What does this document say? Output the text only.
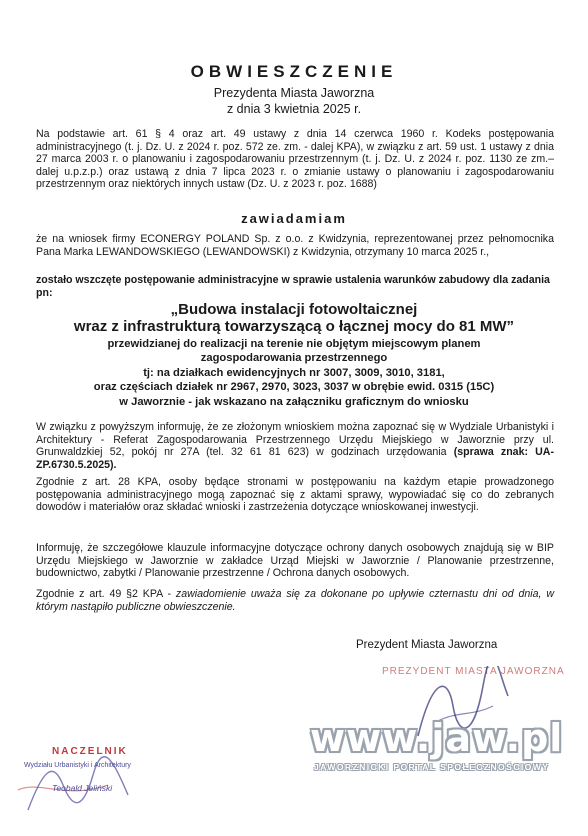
OBWIESZCZENIE
Prezydenta Miasta Jaworzna
z dnia 3 kwietnia 2025 r.
Na podstawie art. 61 § 4 oraz art. 49 ustawy z dnia 14 czerwca 1960 r. Kodeks postępowania administracyjnego (t. j. Dz. U. z 2024 r. poz. 572 ze. zm. - dalej KPA), w związku z art. 59 ust. 1 ustawy z dnia 27 marca 2003 r. o planowaniu i zagospodarowaniu przestrzennym (t. j. Dz. U. z 2024 r. poz. 1130 ze zm.– dalej u.p.z.p.) oraz ustawą z dnia 7 lipca 2023 r. o zmianie ustawy o planowaniu i zagospodarowaniu przestrzennym oraz niektórych innych ustaw (Dz. U. z 2023 r. poz. 1688)
zawiadamiam
że na wniosek firmy ECONERGY POLAND Sp. z o.o. z Kwidzynia, reprezentowanej przez pełnomocnika Pana Marka LEWANDOWSKIEGO (LEWANDOWSKI) z Kwidzynia, otrzymany 10 marca 2025 r.,
zostało wszczęte postępowanie administracyjne w sprawie ustalenia warunków zabudowy dla zadania pn:
„Budowa instalacji fotowoltaicznej
wraz z infrastrukturą towarzyszącą o łącznej mocy do 81 MW”
przewidzianej do realizacji na terenie nie objętym miejscowym planem
zagospodarowania przestrzennego
tj: na działkach ewidencyjnych nr 3007, 3009, 3010, 3181,
oraz częściach działek nr 2967, 2970, 3023, 3037 w obrębie ewid. 0315 (15C)
w Jaworznie - jak wskazano na załączniku graficznym do wniosku
W związku z powyższym informuję, że ze złożonym wnioskiem można zapoznać się w Wydziale Urbanistyki i Architektury - Referat Zagospodarowania Przestrzennego Urzędu Miejskiego w Jaworznie przy ul. Grunwaldzkiej 52, pokój nr 27A (tel. 32 61 81 623) w godzinach urzędowania (sprawa znak: UA-ZP.6730.5.2025).
Zgodnie z art. 28 KPA, osoby będące stronami w postępowaniu na każdym etapie prowadzonego postępowania administracyjnego mogą zapoznać się z aktami sprawy, wypowiadać się co do zebranych dowodów i materiałów oraz składać wnioski i zastrzeżenia dotyczące wnioskowanej inwestycji.
Informuję, że szczegółowe klauzule informacyjne dotyczące ochrony danych osobowych znajdują się w BIP Urzędu Miejskiego w Jaworznie w zakładce Urząd Miejski w Jaworznie / Planowanie przestrzenne, budownictwo, zabytki / Planowanie przestrzenne / Ochrona danych osobowych.
Zgodnie z art. 49 §2 KPA - zawiadomienie uważa się za dokonane po upływie czternastu dni od dnia, w którym nastąpiło publiczne obwieszczenie.
Prezydent Miasta Jaworzna
PREZYDENT MIASTA JAWORZNA
www.jaw.pl
JAWORZNICKI PORTAL SPOŁECZNOŚCIOWY
NACZELNIK
Wydziału Urbanistyki i Architektury
Teobald Jeliński
